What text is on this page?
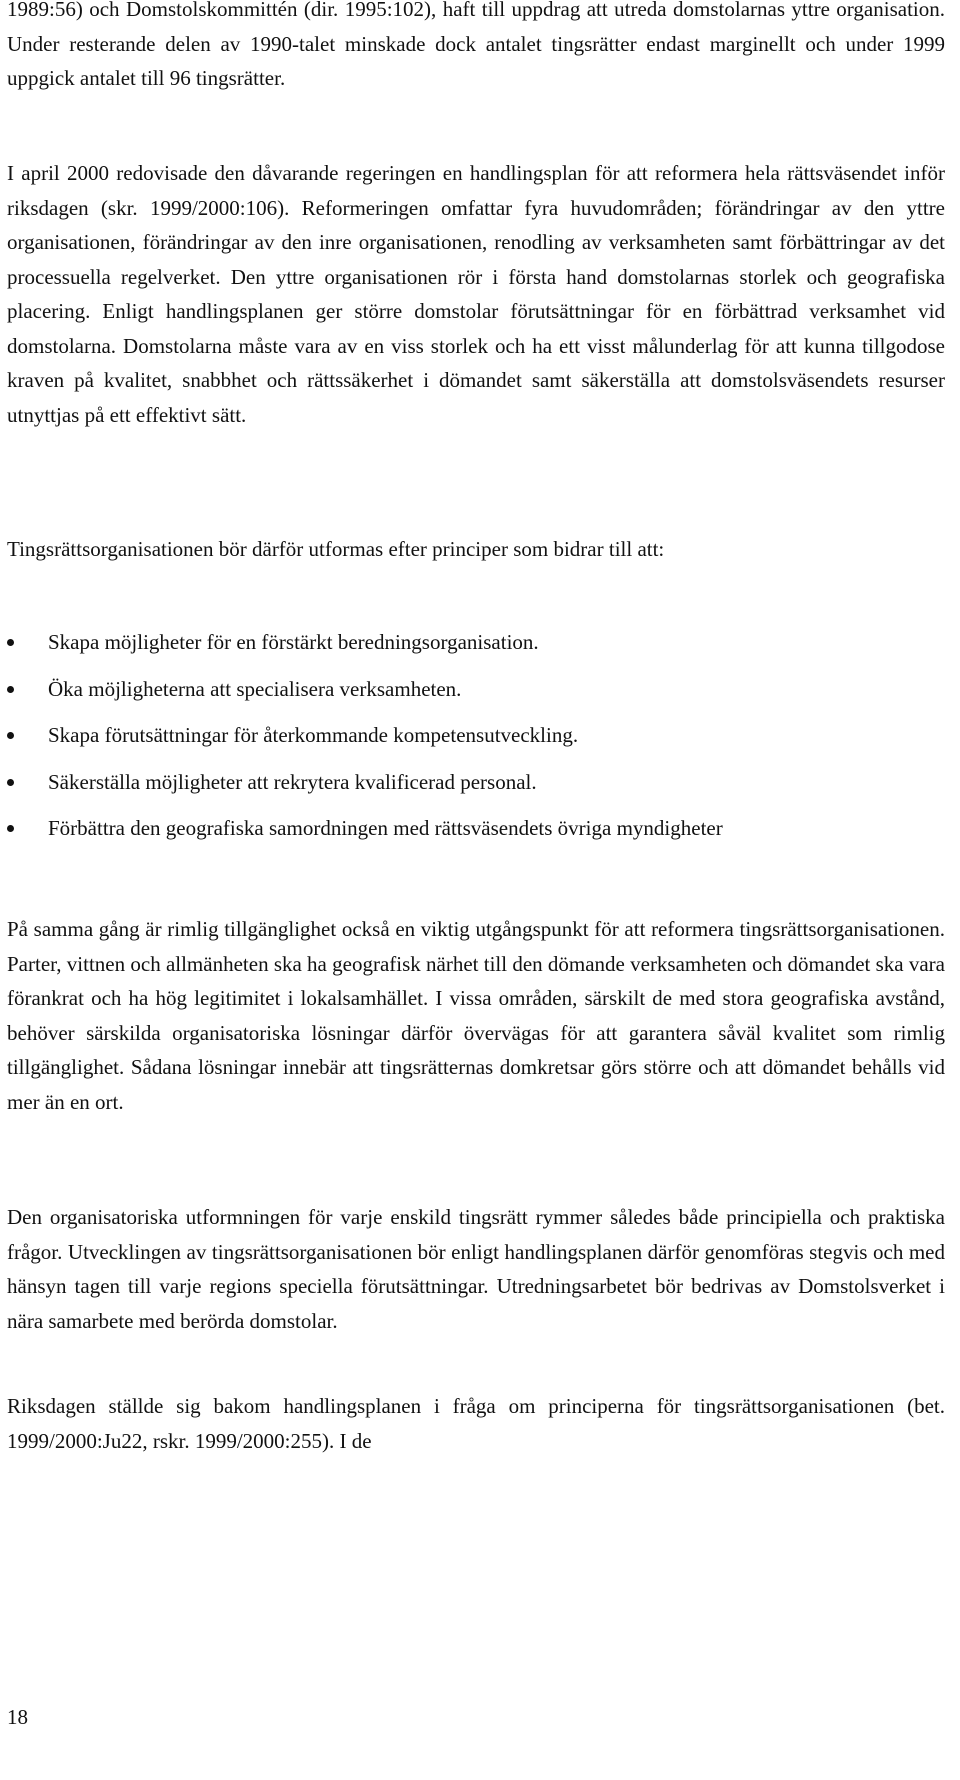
1989:56) och Domstolskommittén (dir. 1995:102), haft till uppdrag att utreda domstolarnas yttre organisation. Under resterande delen av 1990-talet minskade dock antalet tingsrätter endast marginellt och under 1999 uppgick antalet till 96 tingsrätter.

I april 2000 redovisade den dåvarande regeringen en handlingsplan för att reformera hela rättsväsendet inför riksdagen (skr. 1999/2000:106). Reformeringen omfattar fyra huvudområden; förändringar av den yttre organisationen, förändringar av den inre organisationen, renodling av verksamheten samt förbättringar av det processuella regelverket. Den yttre organisationen rör i första hand domstolarnas storlek och geografiska placering. Enligt handlingsplanen ger större domstolar förutsättningar för en förbättrad verksamhet vid domstolarna. Domstolarna måste vara av en viss storlek och ha ett visst målunderlag för att kunna tillgodose kraven på kvalitet, snabbhet och rättssäkerhet i dömandet samt säkerställa att domstolsväsendets resurser utnyttjas på ett effektivt sätt.

Tingsrättsorganisationen bör därför utformas efter principer som bidrar till att:

Skapa möjligheter för en förstärkt beredningsorganisation.
Öka möjligheterna att specialisera verksamheten.
Skapa förutsättningar för återkommande kompetensutveckling.
Säkerställa möjligheter att rekrytera kvalificerad personal.
Förbättra den geografiska samordningen med rättsväsendets övriga myndigheter

På samma gång är rimlig tillgänglighet också en viktig utgångspunkt för att reformera tingsrättsorganisationen. Parter, vittnen och allmänheten ska ha geografisk närhet till den dömande verksamheten och dömandet ska vara förankrat och ha hög legitimitet i lokalsamhället. I vissa områden, särskilt de med stora geografiska avstånd, behöver särskilda organisatoriska lösningar därför övervägas för att garantera såväl kvalitet som rimlig tillgänglighet. Sådana lösningar innebär att tingsrätternas domkretsar görs större och att dömandet behålls vid mer än en ort.

Den organisatoriska utformningen för varje enskild tingsrätt rymmer således både principiella och praktiska frågor. Utvecklingen av tingsrättsorganisationen bör enligt handlingsplanen därför genomföras stegvis och med hänsyn tagen till varje regions speciella förutsättningar. Utredningsarbetet bör bedrivas av Domstolsverket i nära samarbete med berörda domstolar.

Riksdagen ställde sig bakom handlingsplanen i fråga om principerna för tingsrättsorganisationen (bet. 1999/2000:Ju22, rskr. 1999/2000:255). I de

18
